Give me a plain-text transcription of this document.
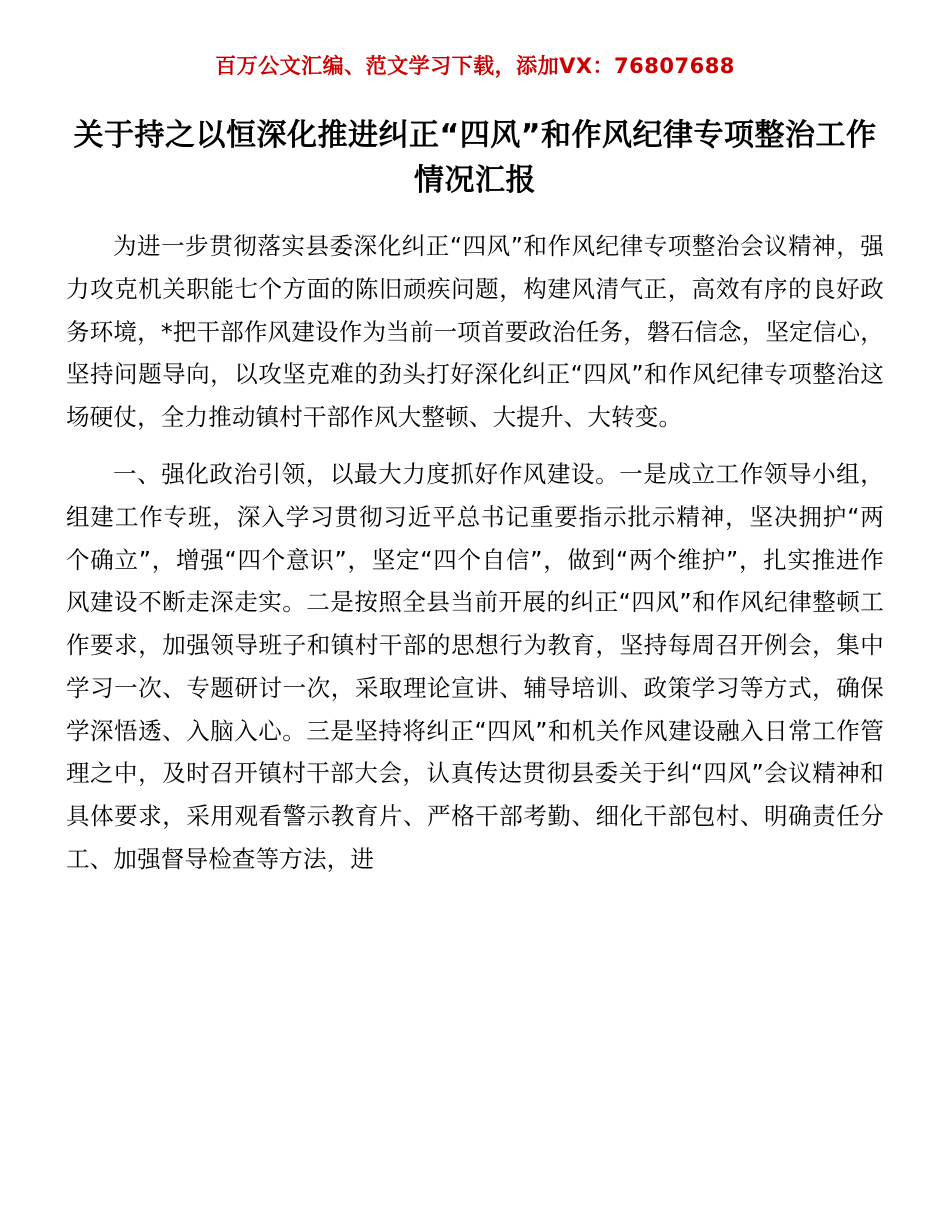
百万公文汇编、范文学习下载，添加VX：76807688
关于持之以恒深化推进纠正“四风”和作风纪律专项整治工作情况汇报

为进一步贯彻落实县委深化纠正“四风”和作风纪律专项整治会议精神，强力攻克机关职能七个方面的陈旧顽疾问题，构建风清气正，高效有序的良好政务环境，*把干部作风建设作为当前一项首要政治任务，磐石信念，坚定信心，坚持问题导向，以攻坚克难的劲头打好深化纠正“四风”和作风纪律专项整治这场硬仗，全力推动镇村干部作风大整顿、大提升、大转变。

一、强化政治引领，以最大力度抓好作风建设。一是成立工作领导小组，组建工作专班，深入学习贯彻习近平总书记重要指示批示精神，坚决拥护“两个确立”，增强“四个意识”，坚定“四个自信”，做到“两个维护”，扎实推进作风建设不断走深走实。二是按照全县当前开展的纠正“四风”和作风纪律整顿工作要求，加强领导班子和镇村干部的思想行为教育，坚持每周召开例会，集中学习一次、专题研讨一次，采取理论宣讲、辅导培训、政策学习等方式，确保学深悟透、入脑入心。三是坚持将纠正“四风”和机关作风建设融入日常工作管理之中，及时召开镇村干部大会，认真传达贯彻县委关于纠“四风”会议精神和具体要求，采用观看警示教育片、严格干部考勤、细化干部包村、明确责任分工、加强督导检查等方法，进
